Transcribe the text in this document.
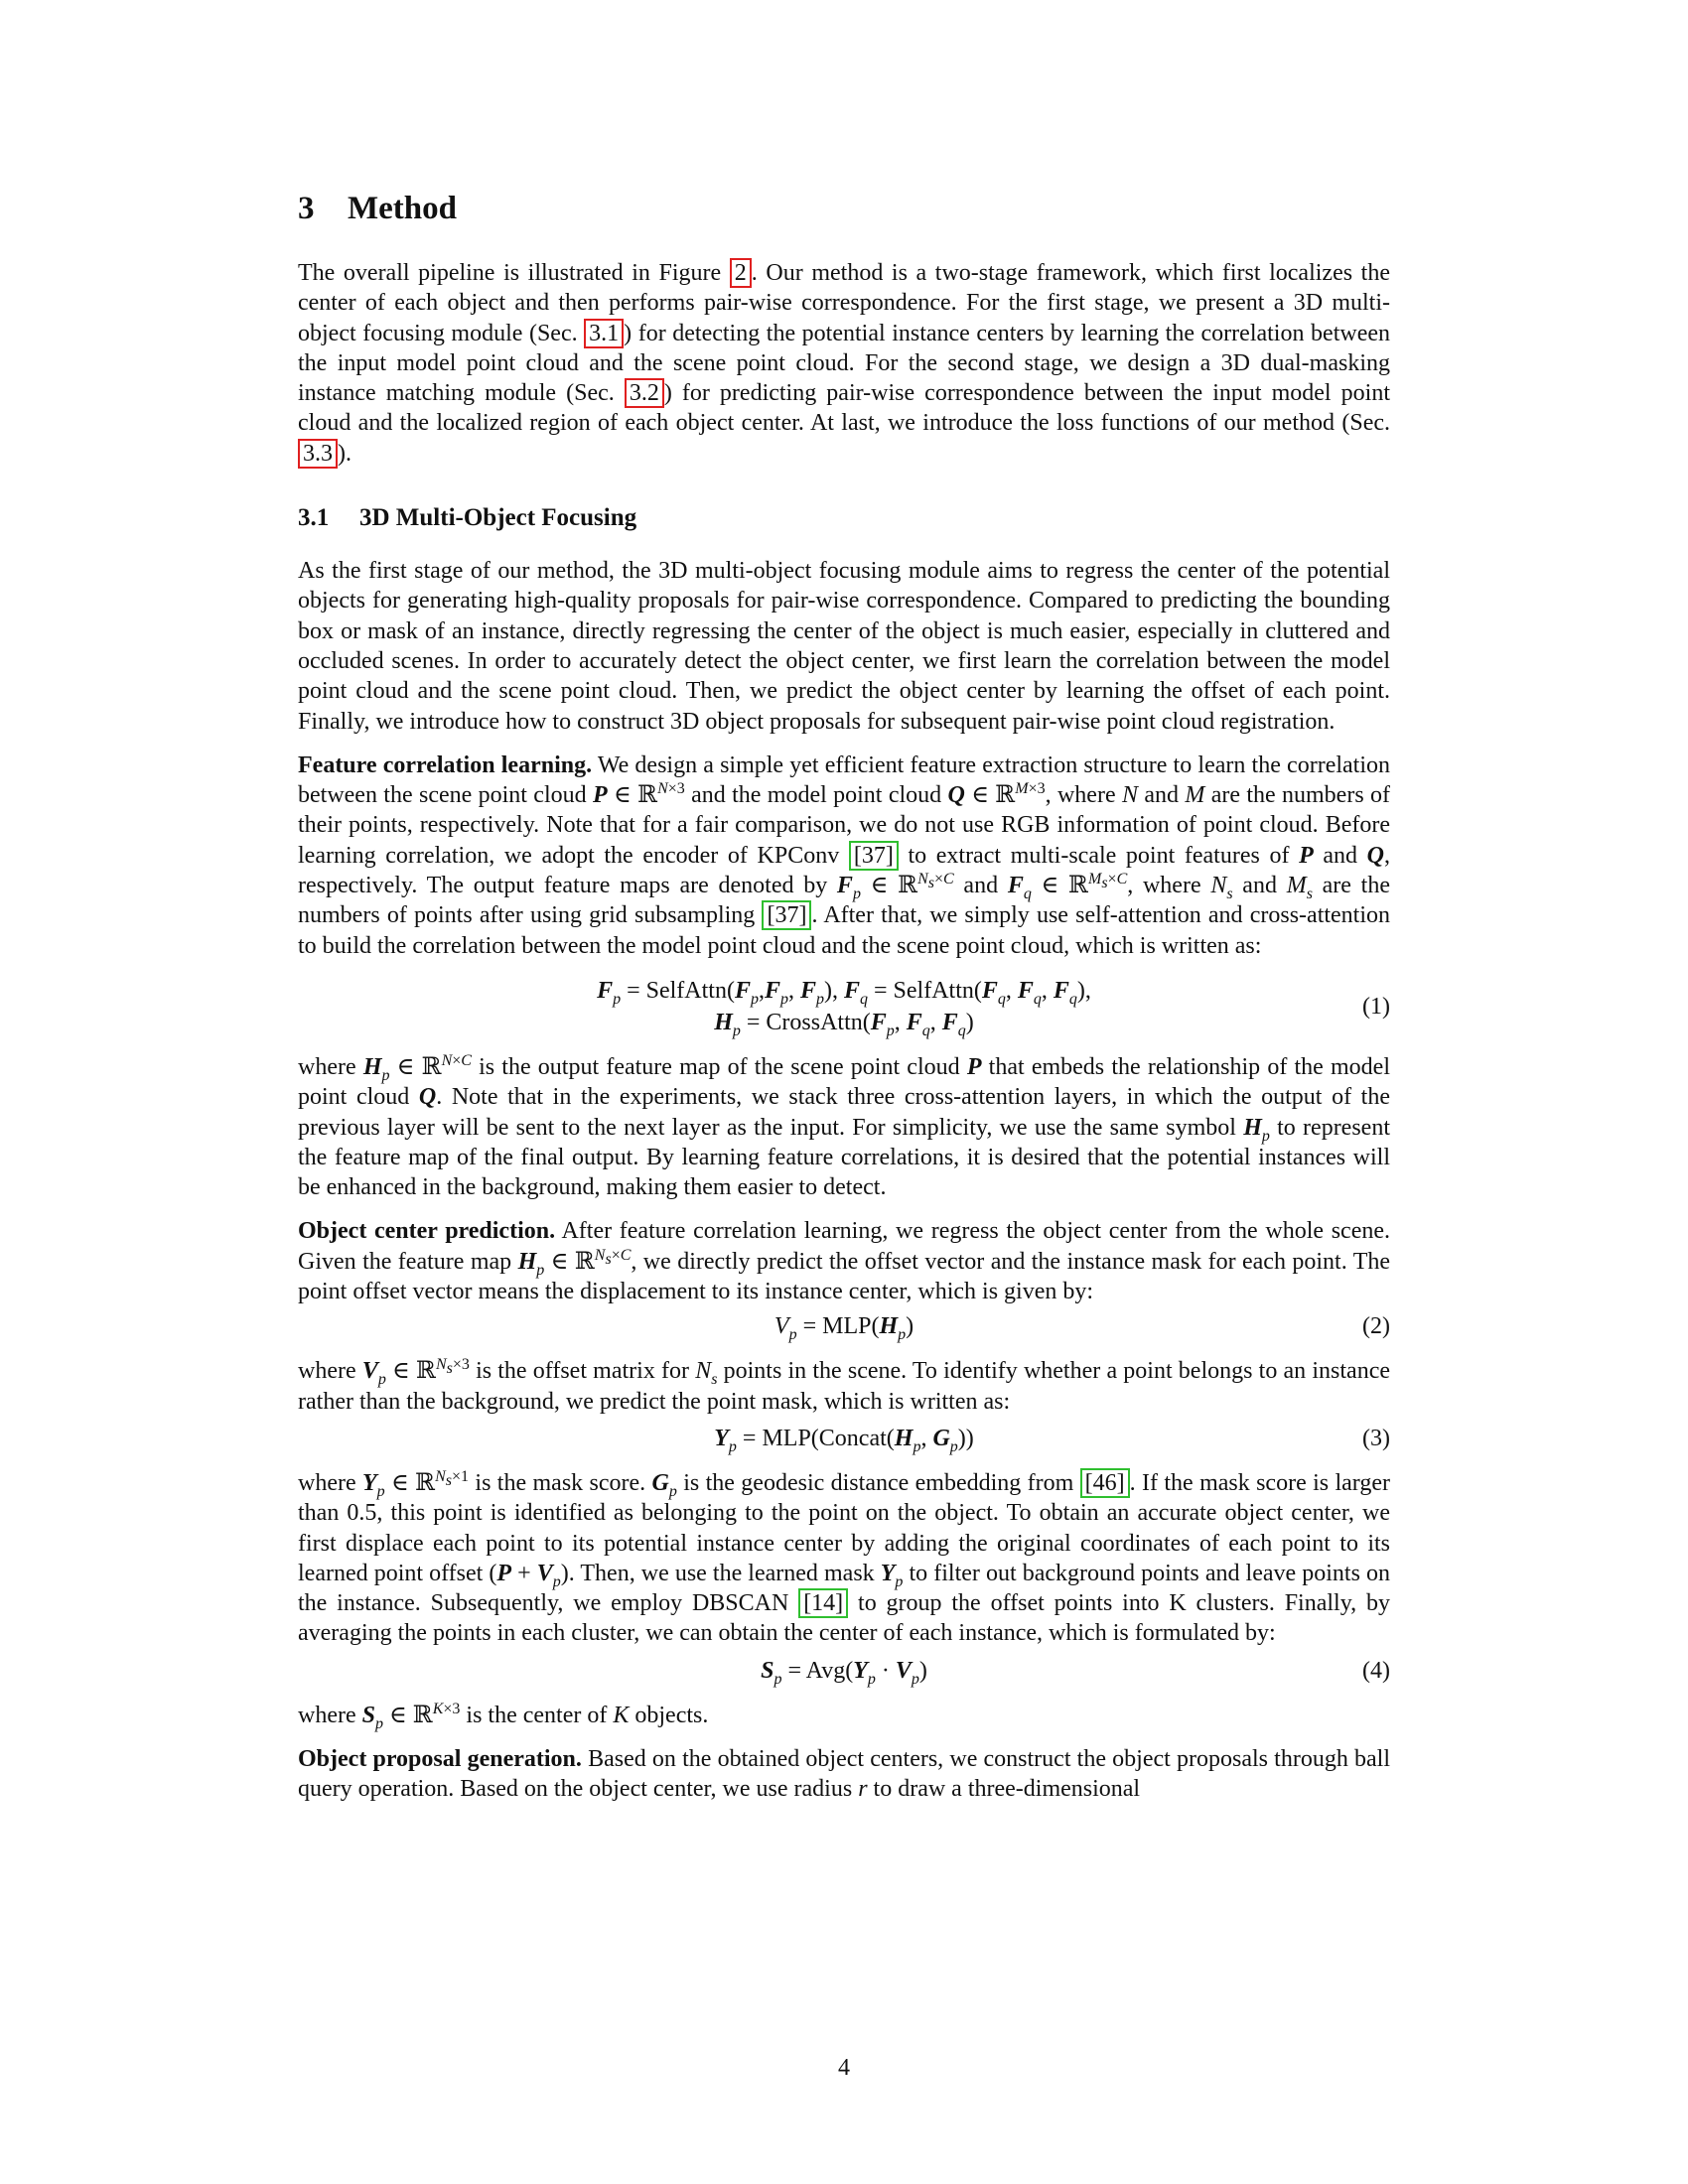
3 Method

The overall pipeline is illustrated in Figure 2 . Our method is a two-stage framework, which first localizes the center of each object and then performs pair-wise correspondence. For the first stage, we present a 3D multi-object focusing module (Sec. 3.1 ) for detecting the potential instance centers by learning the correlation between the input model point cloud and the scene point cloud. For the second stage, we design a 3D dual-masking instance matching module (Sec. 3.2 ) for predicting pair-wise correspondence between the input model point cloud and the localized region of each object center. At last, we introduce the loss functions of our method (Sec. 3.3 ).

3.1 3D Multi-Object Focusing

As the first stage of our method, the 3D multi-object focusing module aims to regress the center of the potential objects for generating high-quality proposals for pair-wise correspondence. Compared to predicting the bounding box or mask of an instance, directly regressing the center of the object is much easier, especially in cluttered and occluded scenes. In order to accurately detect the object center, we first learn the correlation between the model point cloud and the scene point cloud. Then, we predict the object center by learning the offset of each point. Finally, we introduce how to construct 3D object proposals for subsequent pair-wise point cloud registration.

Feature correlation learning. We design a simple yet efficient feature extraction structure to learn the correlation between the scene point cloud P ∈ ℝ$^{N\times 3}$ and the model point cloud Q ∈ ℝ$^{M\times 3}$, where N and M are the numbers of their points, respectively. Note that for a fair comparison, we do not use RGB information of point cloud. Before learning correlation, we adopt the encoder of KPConv [37] to extract multi-scale point features of P and Q, respectively. The output feature maps are denoted by $F_p$ ∈ ℝ$^{N_s\times C}$ and $F_q$ ∈ ℝ$^{M_s\times C}$, where $N_s$ and $M_s$ are the numbers of points after using grid subsampling [37] . After that, we simply use self-attention and cross-attention to build the correlation between the model point cloud and the scene point cloud, which is written as:

$F_p$ = $SelfAttn(F_p,F_p$, $F_p$), $F_q$ = $SelfAttn(F_q$, $F_q$, $F_q$),
$H_p$ = $CrossAttn(F_p$, $F_q$, $F_q$)
(1)

where $H_p$ ∈ ℝ$^{N\times C}$ is the output feature map of the scene point cloud P that embeds the relationship of the model point cloud Q. Note that in the experiments, we stack three cross-attention layers, in which the output of the previous layer will be sent to the next layer as the input. For simplicity, we use the same symbol $H_p$ to represent the feature map of the final output. By learning feature correlations, it is desired that the potential instances will be enhanced in the background, making them easier to detect.

Object center prediction. After feature correlation learning, we regress the object center from the whole scene. Given the feature map $H_p$ ∈ ℝ$^{N_s\times C}$, we directly predict the offset vector and the instance mask for each point. The point offset vector means the displacement to its instance center, which is given by:

$V_p = MLP(H_p)$	(2)

where $V_p$ ∈ ℝ$^{N_s\times 3}$ is the offset matrix for $N_s$ points in the scene. To identify whether a point belongs to an instance rather than the background, we predict the point mask, which is written as:

$Y_p$ = $MLP(Concat(H_p$, $G_p$))	(3)

where $Y_p$ ∈ ℝ$^{N_s\times 1}$ is the mask score. $G_p$ is the geodesic distance embedding from [46] . If the mask score is larger than 0.5, this point is identified as belonging to the point on the object. To obtain an accurate object center, we first displace each point to its potential instance center by adding the original coordinates of each point to its learned point offset $(P + V_p)$. Then, we use the learned mask $Y_p$ to filter out background points and leave points on the instance. Subsequently, we employ DBSCAN [14] to group the offset points into K clusters. Finally, by averaging the points in each cluster, we can obtain the center of each instance, which is formulated by:

$S_p = Avg(Y_p \cdot V_p)$	(4)

where $S_p$ ∈ ℝ$^{K\times 3}$ is the center of K objects.

Object proposal generation. Based on the obtained object centers, we construct the object proposals through ball query operation. Based on the object center, we use radius r to draw a three-dimensional

4
